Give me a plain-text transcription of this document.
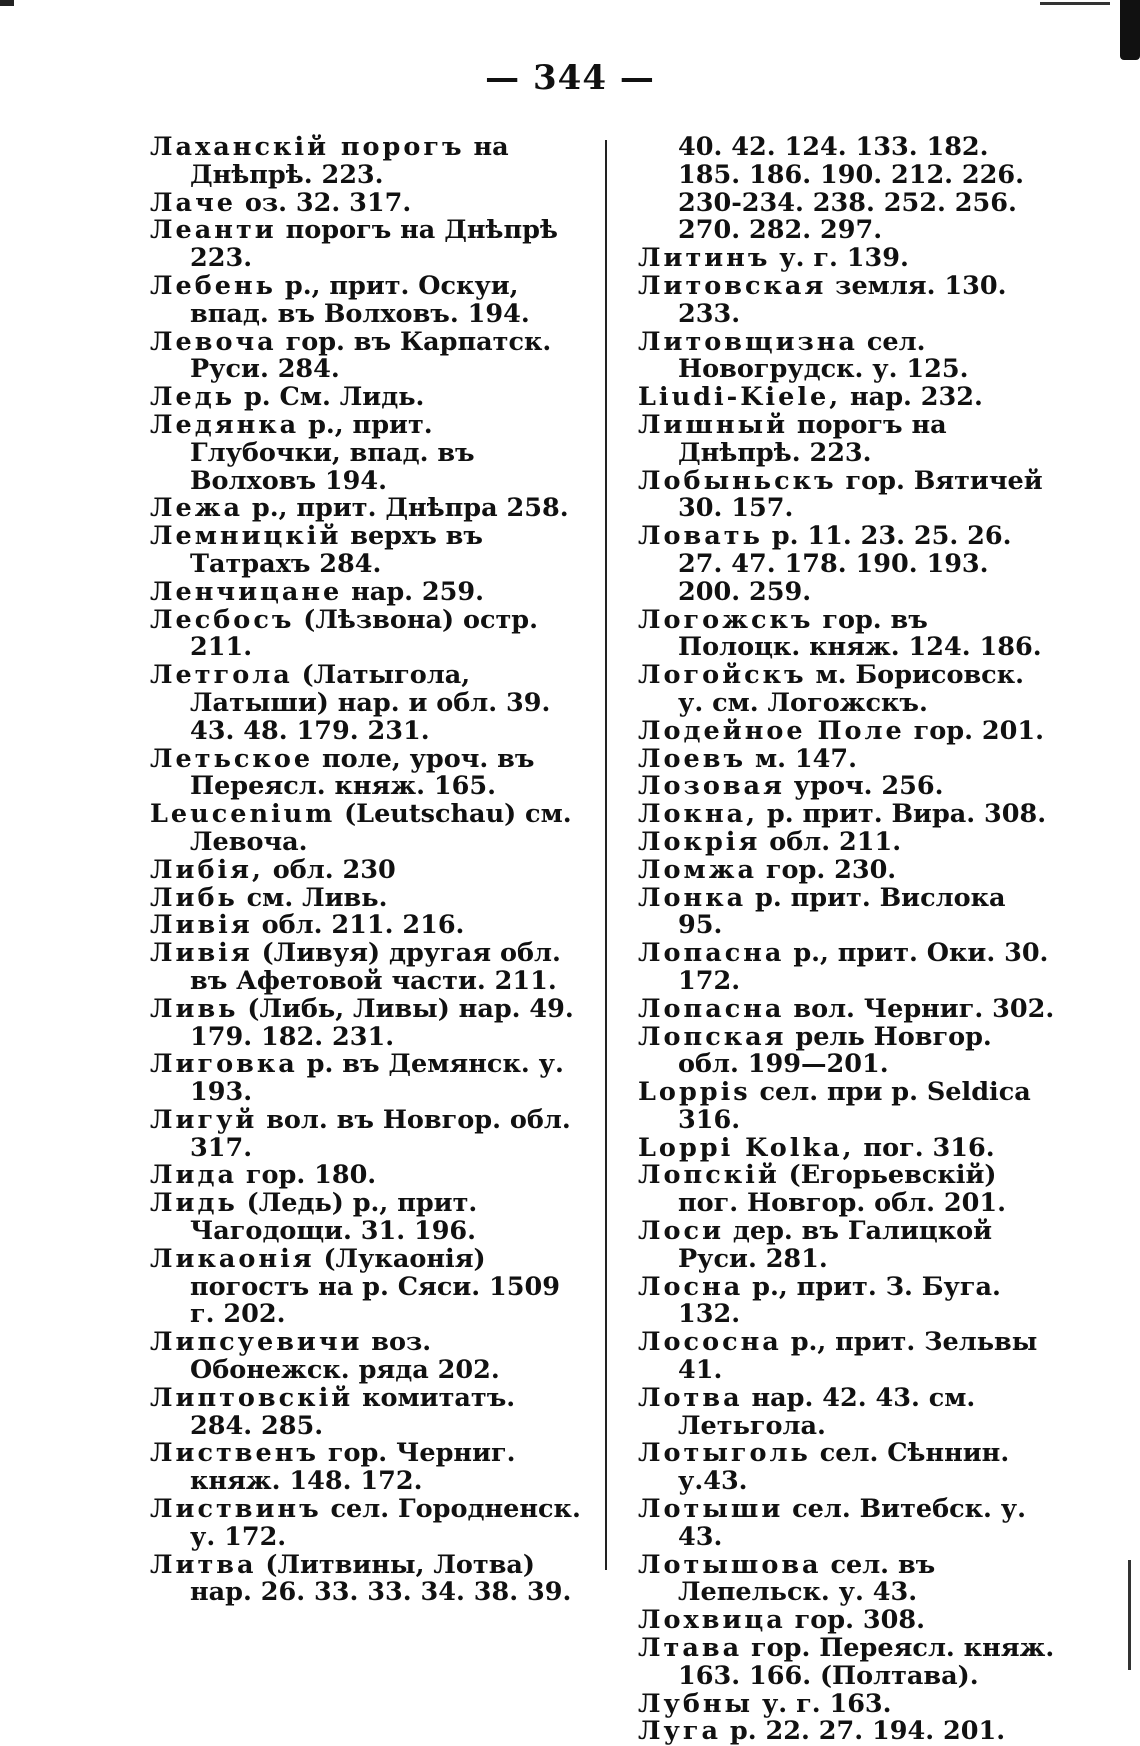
— 344 —

Лаханскій порогъ на Днѣпрѣ. 223.

Лаче оз. 32. 317.

Леанти порогъ на Днѣпрѣ 223.

Лебень р., прит. Оскуи, впад. въ Волховъ. 194.

Левоча гор. въ Карпатск. Руси. 284.

Ледь р. См. Лидь.

Ледянка р., прит. Глубочки, впад. въ Волховъ 194.

Лежа р., прит. Днѣпра 258.

Лемницкій верхъ въ Татрахъ 284.

Ленчицане нар. 259.

Лесбосъ (Лѣзвона) остр. 211.

Летгола (Латыгола, Латыши) нар. и обл. 39. 43. 48. 179. 231.

Летьское поле, уроч. въ Переясл. княж. 165.

Leucenium (Leutschau) см. Левоча.

Либія, обл. 230

Либь см. Ливь.

Ливія обл. 211. 216.

Ливія (Ливуя) другая обл. въ Афетовой части. 211.

Ливь (Либь, Ливы) нар. 49. 179. 182. 231.

Лиговка р. въ Демянск. у. 193.

Лигуй вол. въ Новгор. обл. 317.

Лида гор. 180.

Лидь (Ледь) р., прит. Чагодощи. 31. 196.

Ликаонія (Лукаонія) погостъ на р. Сяси. 1509 г. 202.

Липсуевичи воз. Обонежск. ряда 202.

Липтовскій комитатъ. 284. 285.

Лиственъ гор. Черниг. княж. 148. 172.

Листвинъ сел. Городненск. у. 172.

Литва (Литвины, Лотва) нар. 26. 33. 33. 34. 38. 39.

40. 42. 124. 133. 182. 185. 186. 190. 212. 226. 230-234. 238. 252. 256. 270. 282. 297.

Литинъ у. г. 139.

Литовская земля. 130. 233.

Литовщизна сел. Новогрудск. у. 125.

Liudi-Kiele, нар. 232.

Лишный порогъ на Днѣпрѣ. 223.

Лобыньскъ гор. Вятичей 30. 157.

Ловать р. 11. 23. 25. 26. 27. 47. 178. 190. 193. 200. 259.

Логожскъ гор. въ Полоцк. княж. 124. 186.

Логойскъ м. Борисовск. у. см. Логожскъ.

Лодейное Поле гор. 201.

Лоевъ м. 147.

Лозовая уроч. 256.

Локна, р. прит. Вира. 308.

Локрія обл. 211.

Ломжа гор. 230.

Лонка р. прит. Вислока 95.

Лопасна р., прит. Оки. 30. 172.

Лопасна вол. Черниг. 302.

Лопская рель Новгор. обл. 199—201.

Loppis сел. при р. Seldica 316.

Loppi Kolka, пог. 316.

Лопскій (Егорьевскій) пог. Новгор. обл. 201.

Лоси дер. въ Галицкой Руси. 281.

Лосна р., прит. З. Буга. 132.

Лососна р., прит. Зельвы 41.

Лотва нар. 42. 43. см. Летьгола.

Лотыголь сел. Сѣннин. у.43.

Лотыши сел. Витебск. у. 43.

Лотышова сел. въ Лепельск. у. 43.

Лохвица гор. 308.

Лтава гор. Переясл. княж. 163. 166. (Полтава).

Лубны у. г. 163.

Луга р. 22. 27. 194. 201.
